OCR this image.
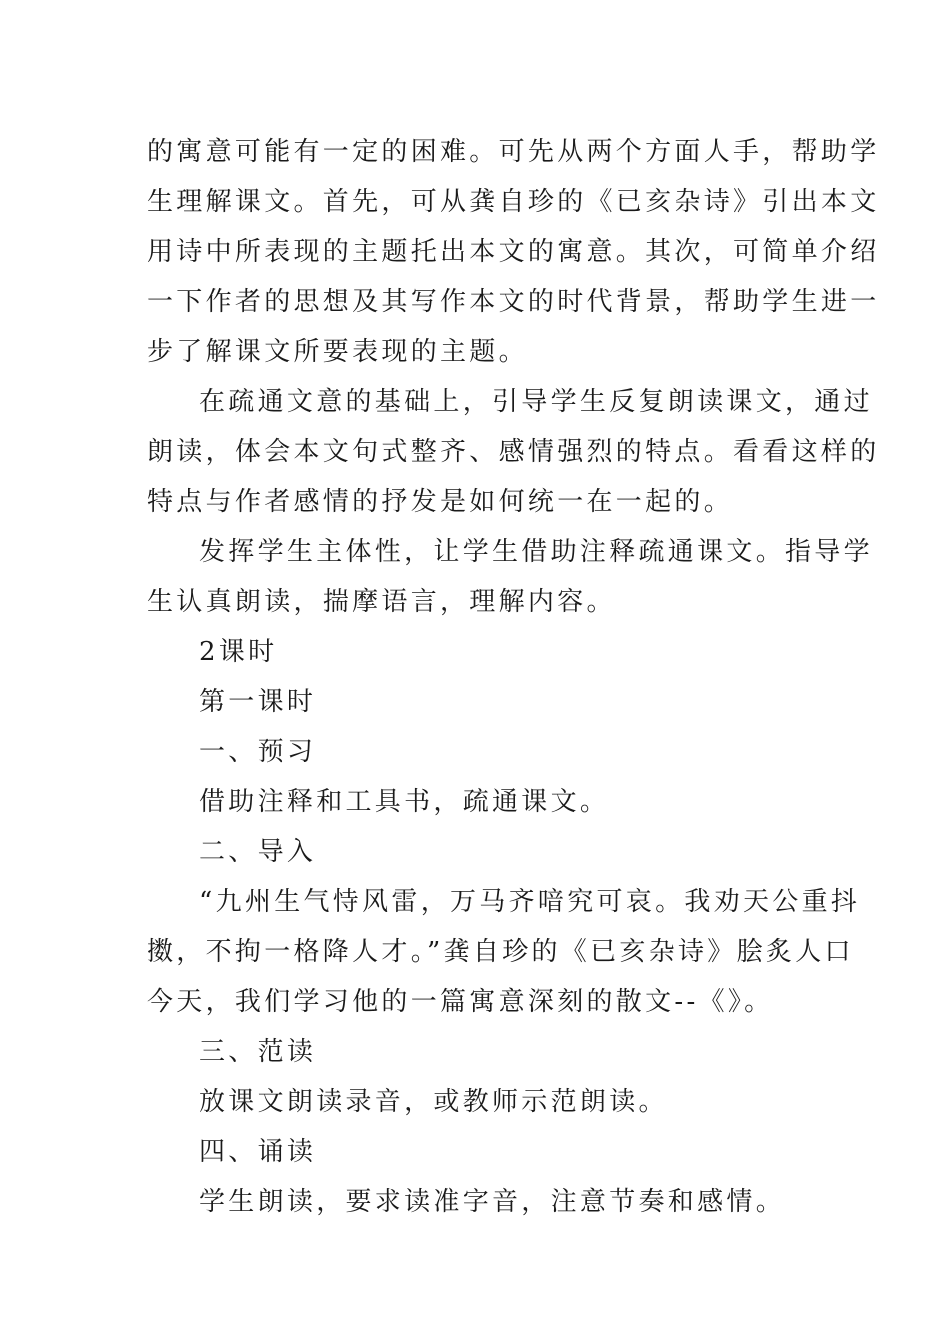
的寓意可能有一定的困难。可先从两个方面人手，帮助学
生理解课文。首先，可从龚自珍的《已亥杂诗》引出本文
用诗中所表现的主题托出本文的寓意。其次，可简单介绍
一下作者的思想及其写作本文的时代背景，帮助学生进一
步了解课文所要表现的主题。
在疏通文意的基础上，引导学生反复朗读课文，通过
朗读，体会本文句式整齐、感情强烈的特点。看看这样的
特点与作者感情的抒发是如何统一在一起的。
发挥学生主体性，让学生借助注释疏通课文。指导学
生认真朗读，揣摩语言，理解内容。
2课时
第一课时
一、预习
借助注释和工具书，疏通课文。
二、导入
“九州生气恃风雷，万马齐喑究可哀。我劝天公重抖
擞，不拘一格降人才。”龚自珍的《已亥杂诗》脍炙人口
今天，我们学习他的一篇寓意深刻的散文--《》。
三、范读
放课文朗读录音，或教师示范朗读。
四、诵读
学生朗读，要求读准字音，注意节奏和感情。
